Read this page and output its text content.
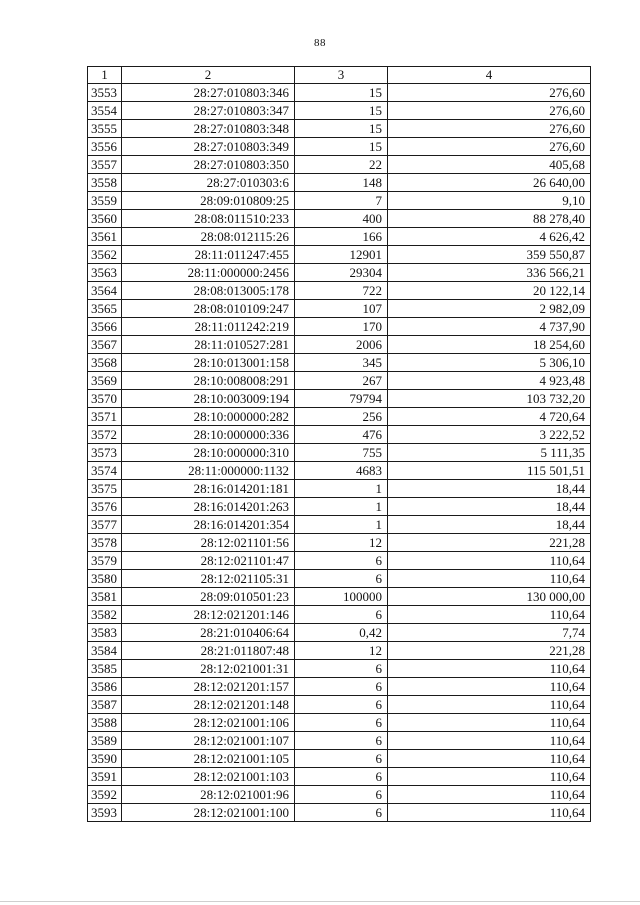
88
1	2	3	4
3553	28:27:010803:346	15	276,60
3554	28:27:010803:347	15	276,60
3555	28:27:010803:348	15	276,60
3556	28:27:010803:349	15	276,60
3557	28:27:010803:350	22	405,68
3558	28:27:010303:6	148	26 640,00
3559	28:09:010809:25	7	9,10
3560	28:08:011510:233	400	88 278,40
3561	28:08:012115:26	166	4 626,42
3562	28:11:011247:455	12901	359 550,87
3563	28:11:000000:2456	29304	336 566,21
3564	28:08:013005:178	722	20 122,14
3565	28:08:010109:247	107	2 982,09
3566	28:11:011242:219	170	4 737,90
3567	28:11:010527:281	2006	18 254,60
3568	28:10:013001:158	345	5 306,10
3569	28:10:008008:291	267	4 923,48
3570	28:10:003009:194	79794	103 732,20
3571	28:10:000000:282	256	4 720,64
3572	28:10:000000:336	476	3 222,52
3573	28:10:000000:310	755	5 111,35
3574	28:11:000000:1132	4683	115 501,51
3575	28:16:014201:181	1	18,44
3576	28:16:014201:263	1	18,44
3577	28:16:014201:354	1	18,44
3578	28:12:021101:56	12	221,28
3579	28:12:021101:47	6	110,64
3580	28:12:021105:31	6	110,64
3581	28:09:010501:23	100000	130 000,00
3582	28:12:021201:146	6	110,64
3583	28:21:010406:64	0,42	7,74
3584	28:21:011807:48	12	221,28
3585	28:12:021001:31	6	110,64
3586	28:12:021201:157	6	110,64
3587	28:12:021201:148	6	110,64
3588	28:12:021001:106	6	110,64
3589	28:12:021001:107	6	110,64
3590	28:12:021001:105	6	110,64
3591	28:12:021001:103	6	110,64
3592	28:12:021001:96	6	110,64
3593	28:12:021001:100	6	110,64
